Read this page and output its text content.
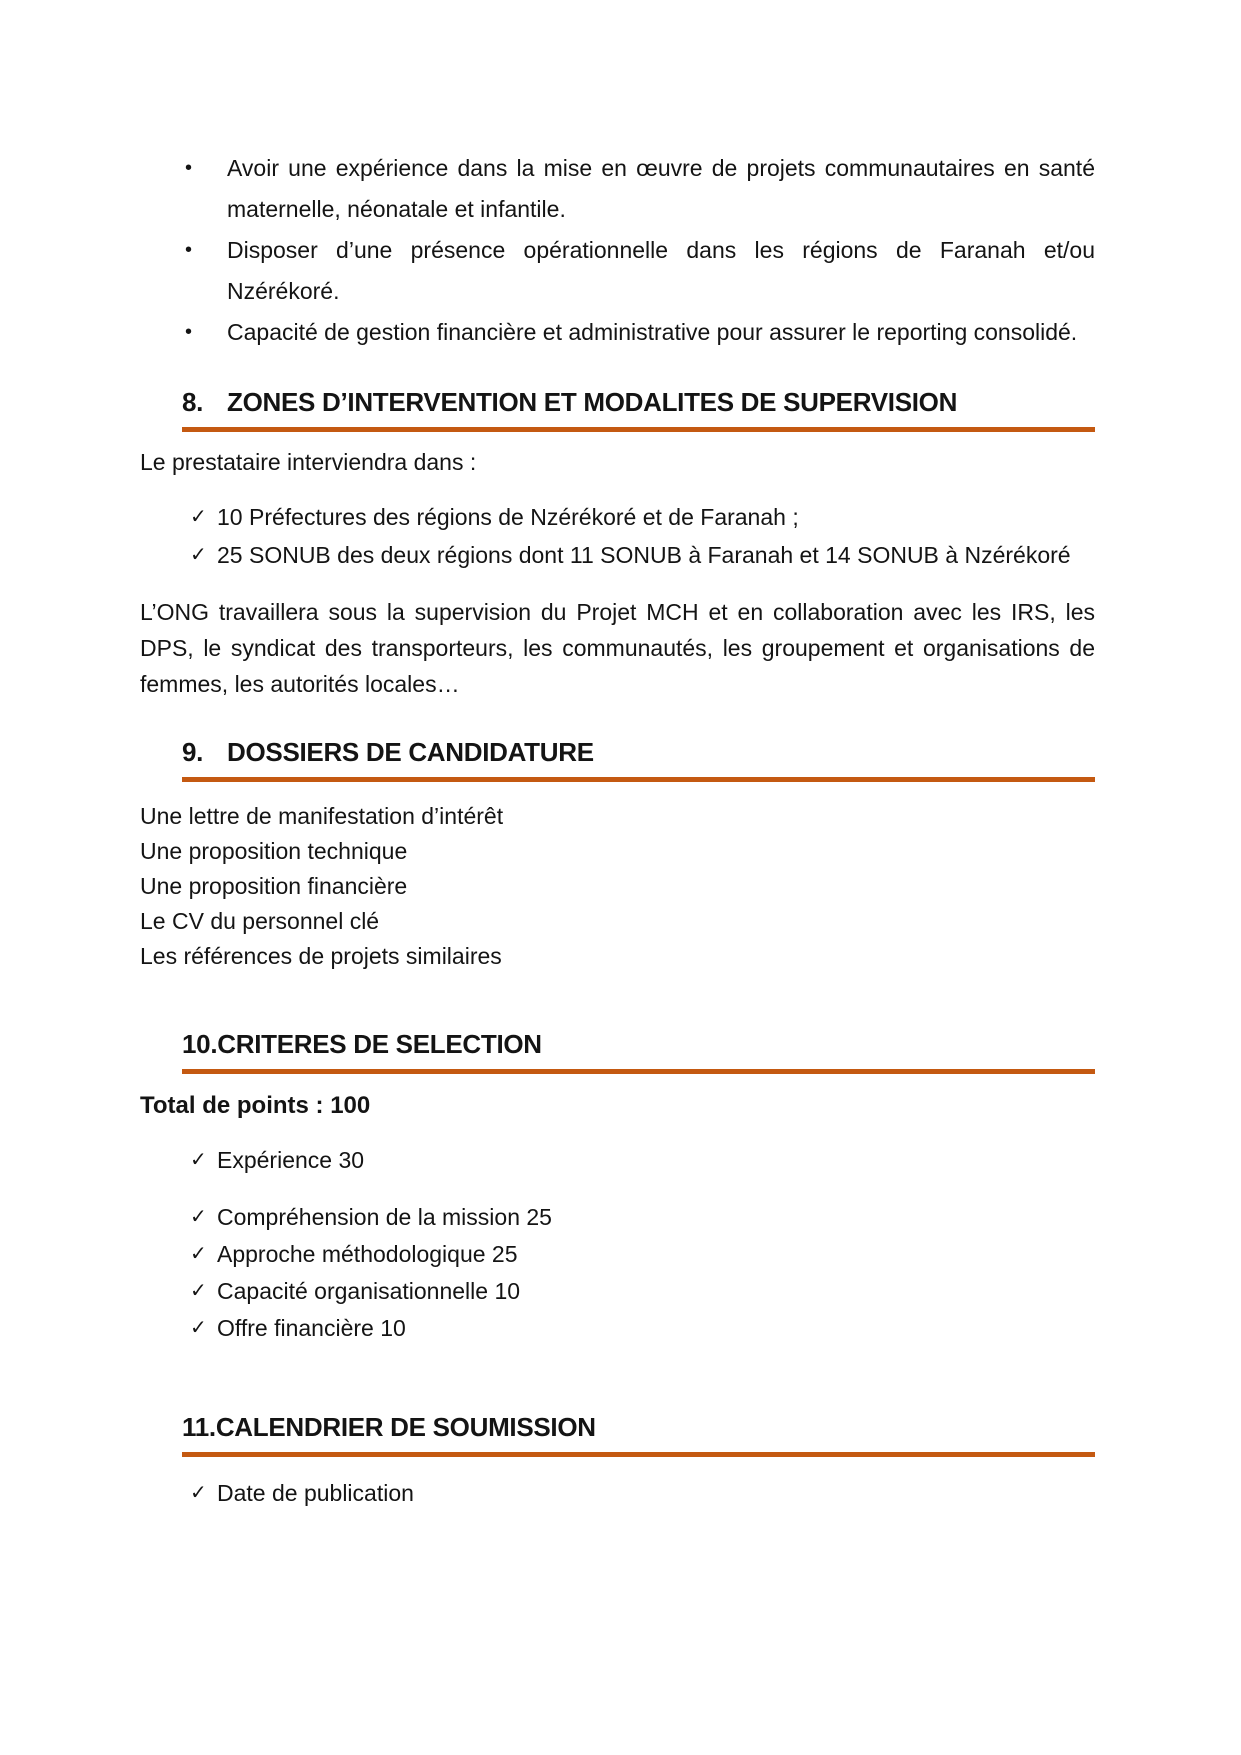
•	Avoir une expérience dans la mise en œuvre de projets communautaires en santé maternelle, néonatale et infantile.
•	Disposer d’une présence opérationnelle dans les régions de Faranah et/ou Nzérékoré.
•	Capacité de gestion financière et administrative pour assurer le reporting consolidé.
8. ZONES D’INTERVENTION ET MODALITES DE SUPERVISION
Le prestataire interviendra dans :
✓ 10 Préfectures des régions de Nzérékoré et de Faranah ;
✓ 25 SONUB des deux régions dont 11 SONUB à Faranah et 14 SONUB à Nzérékoré
L’ONG travaillera sous la supervision du Projet MCH et en collaboration avec les IRS, les DPS, le syndicat des transporteurs, les communautés, les groupement et organisations de femmes, les autorités locales…
9. DOSSIERS DE CANDIDATURE
Une lettre de manifestation d’intérêt
Une proposition technique
Une proposition financière
Le CV du personnel clé
Les références de projets similaires
10.CRITERES DE SELECTION
Total de points : 100
✓ Expérience 30
✓ Compréhension de la mission 25
✓ Approche méthodologique 25
✓ Capacité organisationnelle 10
✓ Offre financière 10
11.CALENDRIER DE SOUMISSION
✓ Date de publication
